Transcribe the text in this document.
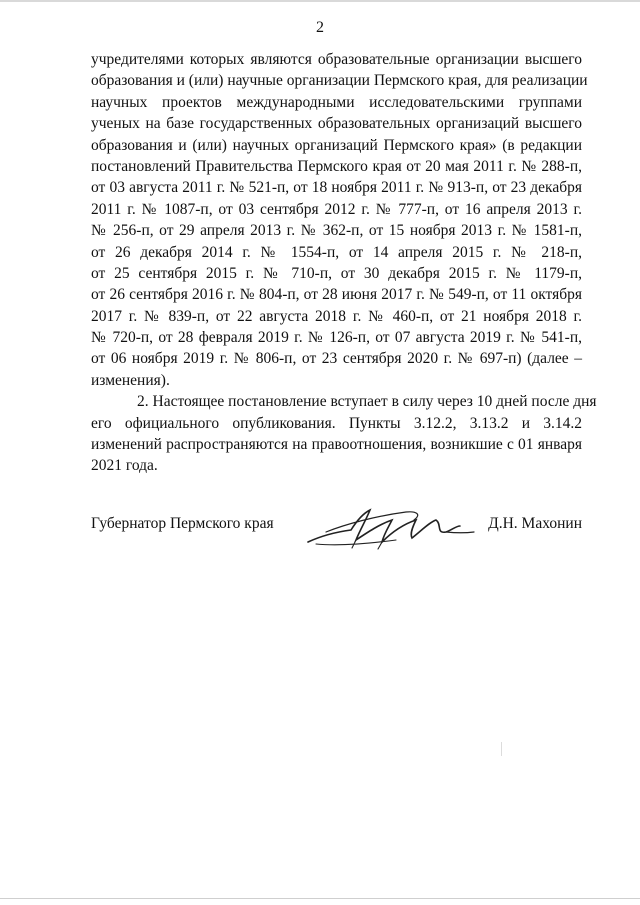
2
учредителями которых являются образовательные организации высшего
образования и (или) научные организации Пермского края, для реализации
научных проектов международными исследовательскими группами
ученых на базе государственных образовательных организаций высшего
образования и (или) научных организаций Пермского края» (в редакции
постановлений Правительства Пермского края от 20 мая 2011 г. № 288-п,
от 03 августа 2011 г. № 521-п, от 18 ноября 2011 г. № 913-п, от 23 декабря
2011 г. № 1087-п, от 03 сентября 2012 г. № 777-п, от 16 апреля 2013 г.
№ 256-п, от 29 апреля 2013 г. № 362-п, от 15 ноября 2013 г. № 1581-п,
от 26 декабря 2014 г. № 1554-п, от 14 апреля 2015 г. № 218-п,
от 25 сентября 2015 г. № 710-п, от 30 декабря 2015 г. № 1179-п,
от 26 сентября 2016 г. № 804-п, от 28 июня 2017 г. № 549-п, от 11 октября
2017 г. № 839-п, от 22 августа 2018 г. № 460-п, от 21 ноября 2018 г.
№ 720-п, от 28 февраля 2019 г. № 126-п, от 07 августа 2019 г. № 541-п,
от 06 ноября 2019 г. № 806-п, от 23 сентября 2020 г. № 697-п) (далее –
изменения).
2. Настоящее постановление вступает в силу через 10 дней после дня
его официального опубликования. Пункты 3.12.2, 3.13.2 и 3.14.2
изменений распространяются на правоотношения, возникшие с 01 января
2021 года.
Губернатор Пермского края	Д.Н. Махонин
